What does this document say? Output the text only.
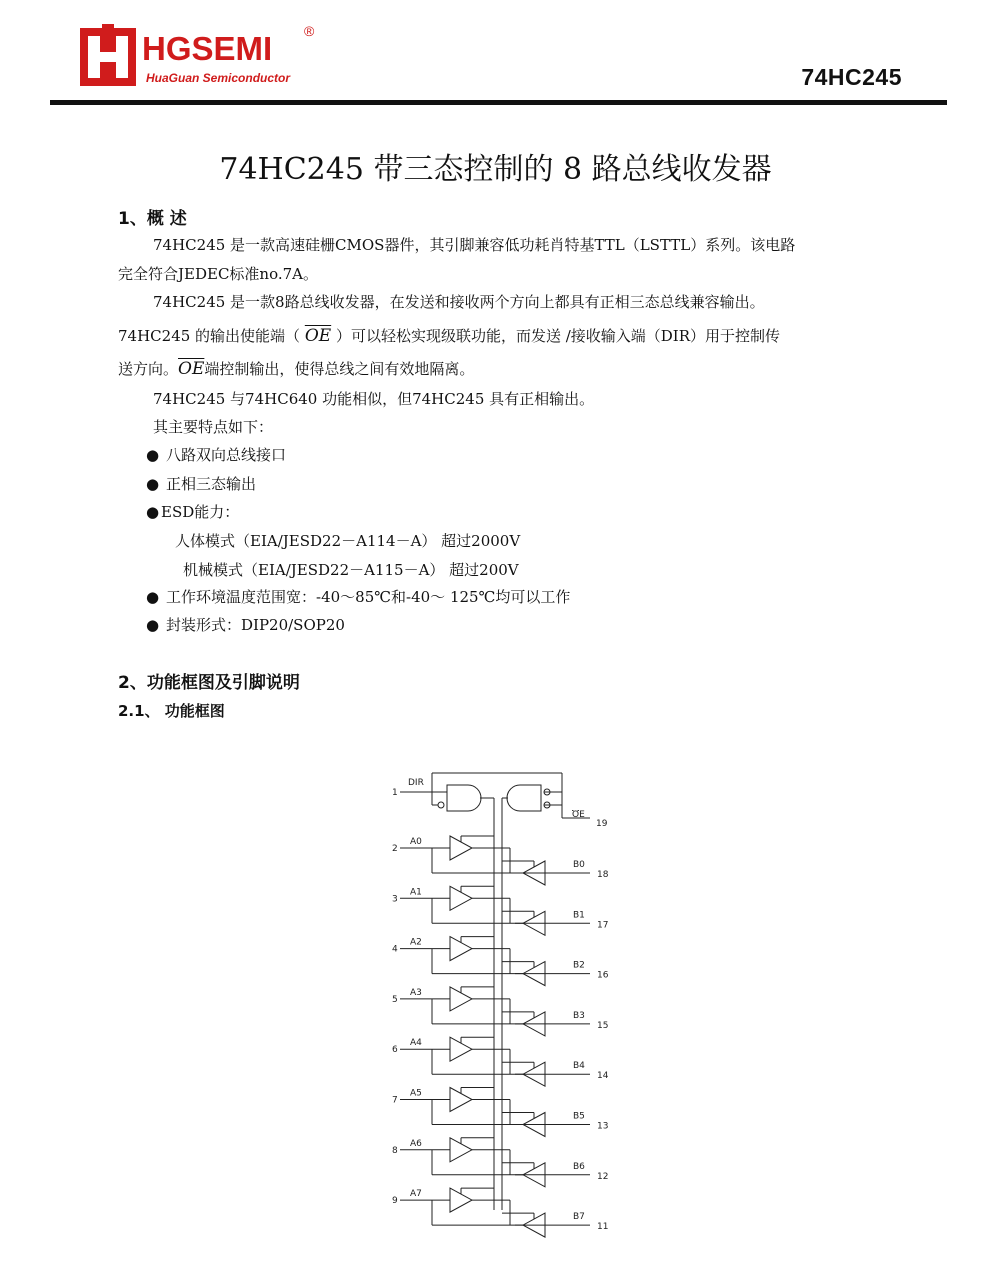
HGSEMI ®
HuaGuan Semiconductor	74HC245
74HC245 带三态控制的 8 路总线收发器
1、概 述
74HC245 是一款高速硅栅CMOS器件，其引脚兼容低功耗肖特基TTL（LSTTL）系列。该电路
完全符合JEDEC标准no.7A。
74HC245 是一款8路总线收发器，在发送和接收两个方向上都具有正相三态总线兼容输出。
74HC245 的输出使能端（ $\overline{OE}$ ）可以轻松实现级联功能，而发送 /接收输入端（DIR）用于控制传
送方向。$\overline{OE}$端控制输出，使得总线之间有效地隔离。
74HC245 与74HC640 功能相似，但74HC245 具有正相输出。
其主要特点如下：
● 八路双向总线接口
● 正相三态输出
● ESD能力：
人体模式（EIA/JESD22－A114－A） 超过2000V
机械模式（EIA/JESD22－A115－A） 超过200V
● 工作环境温度范围宽：-40～85℃和-40～ 125℃均可以工作
● 封装形式：DIP20/SOP20
2、功能框图及引脚说明
2.1、 功能框图
A0
2
B0
18
A1
3
B1
17
A2
4
B2
16
A3
5
B3
15
A4
6
B4
14
A5
7
B5
13
A6
8
B6
12
A7
9
B7
11
DIR
1
OE
19
